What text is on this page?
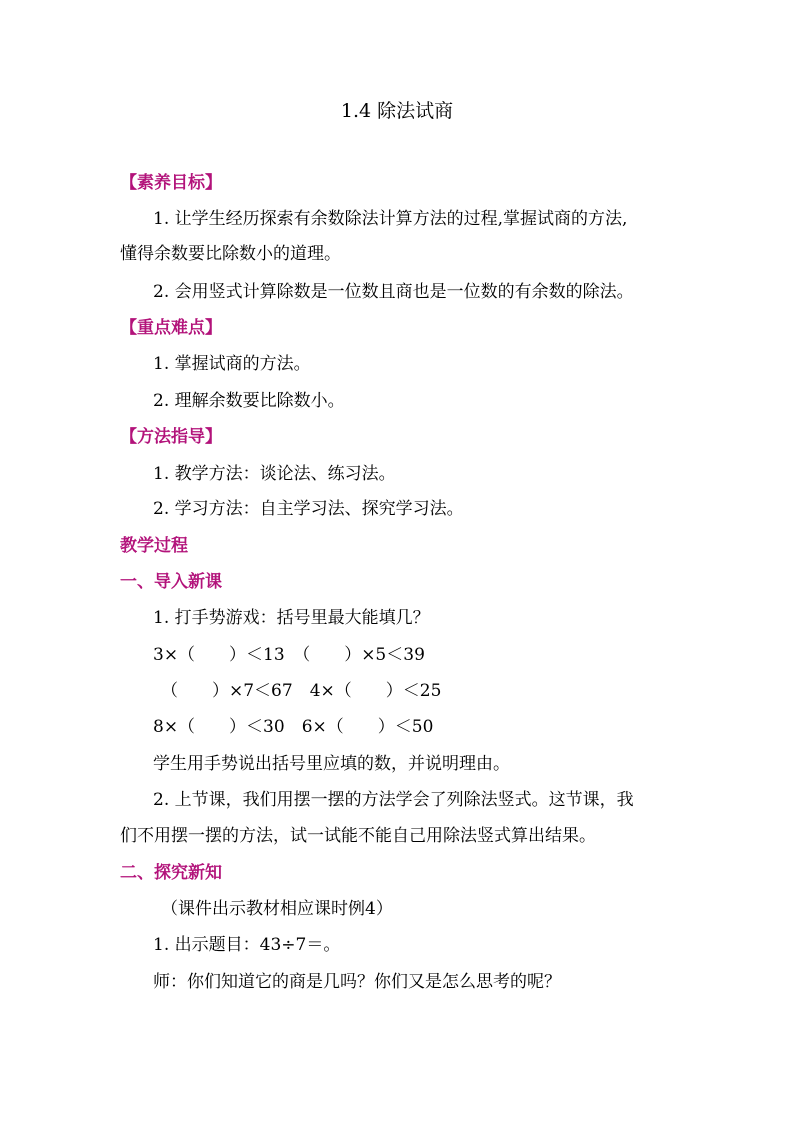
1.4 除法试商
【素养目标】
1. 让学生经历探索有余数除法计算方法的过程,掌握试商的方法,
懂得余数要比除数小的道理。
2. 会用竖式计算除数是一位数且商也是一位数的有余数的除法。
【重点难点】
1. 掌握试商的方法。
2. 理解余数要比除数小。
【方法指导】
1. 教学方法：谈论法、练习法。
2. 学习方法：自主学习法、探究学习法。
教学过程
一、导入新课
1. 打手势游戏：括号里最大能填几？
3×（　　）＜13　（　　）×5＜39
（　　）×7＜67　4×（　　）＜25
8×（　　）＜30　6×（　　）＜50
学生用手势说出括号里应填的数，并说明理由。
2. 上节课，我们用摆一摆的方法学会了列除法竖式。这节课，我
们不用摆一摆的方法，试一试能不能自己用除法竖式算出结果。
二、探究新知
（课件出示教材相应课时例4）
1. 出示题目：43÷7＝。
师：你们知道它的商是几吗？你们又是怎么思考的呢？
